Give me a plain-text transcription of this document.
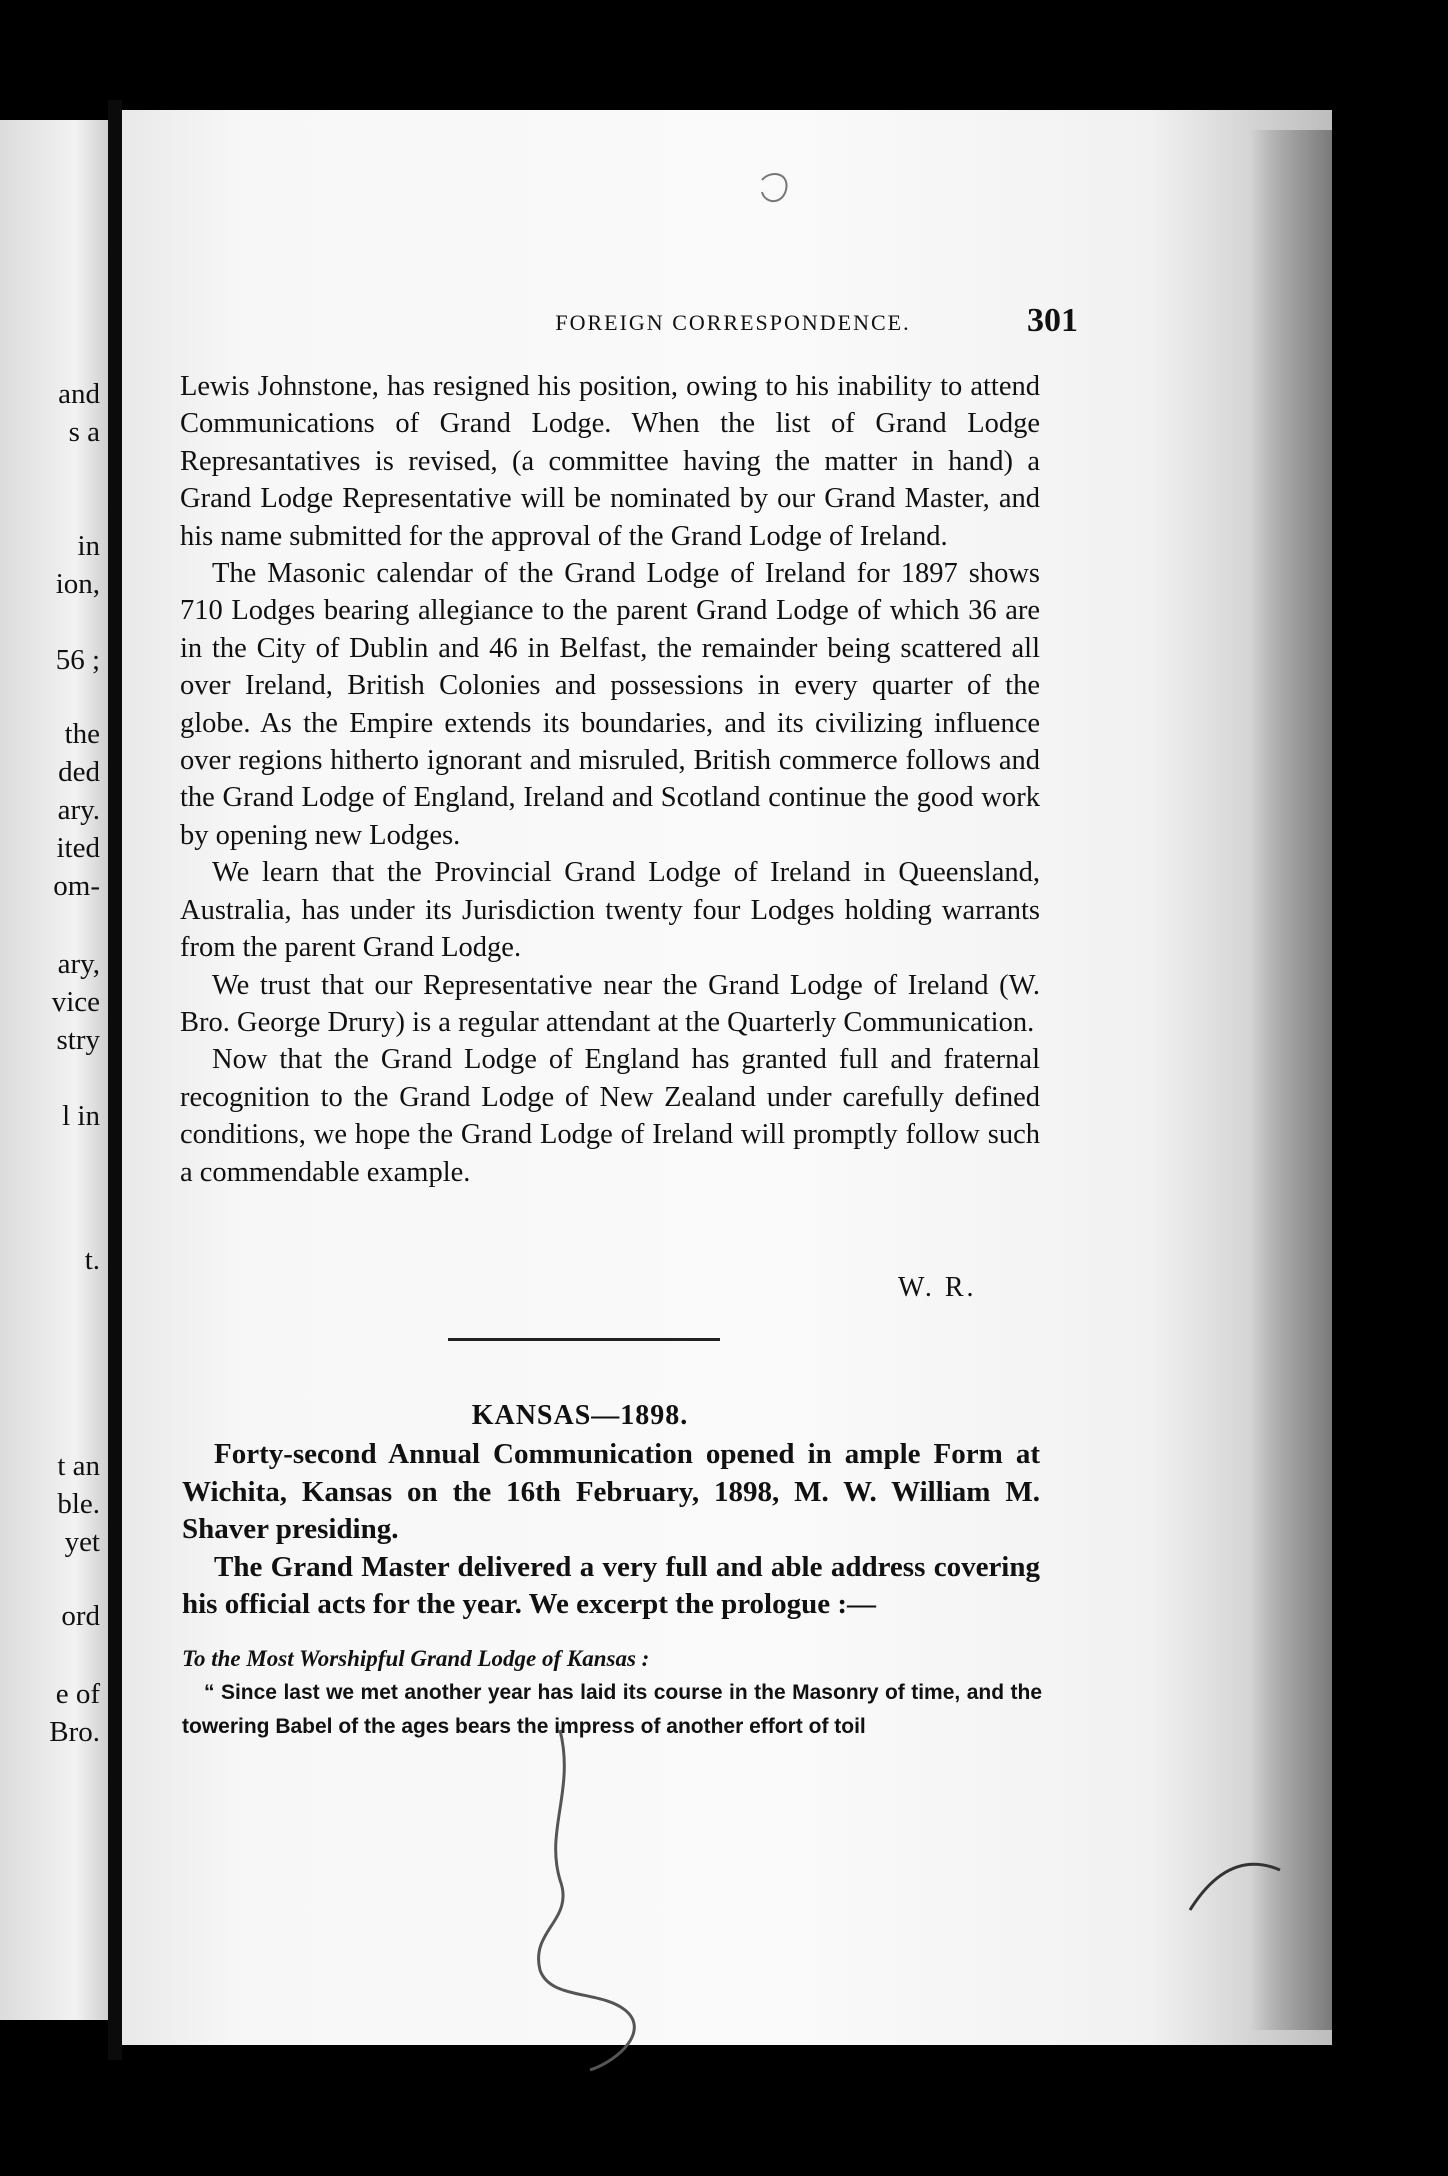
and
s a
in
ion,
56 ;
the
ded
ary.
ited
om-
ary,
vice
stry
l in
t.
t an
ble.
yet
ord
e of
Bro.
FOREIGN CORRESPONDENCE.	301

Lewis Johnstone, has resigned his position, owing to his inability to attend Communications of Grand Lodge. When the list of Grand Lodge Represantatives is revised, (a committee having the matter in hand) a Grand Lodge Representative will be nominated by our Grand Master, and his name submitted for the approval of the Grand Lodge of Ireland.

The Masonic calendar of the Grand Lodge of Ireland for 1897 shows 710 Lodges bearing allegiance to the parent Grand Lodge of which 36 are in the City of Dublin and 46 in Belfast, the remainder being scattered all over Ireland, British Colonies and possessions in every quarter of the globe. As the Empire extends its boundaries, and its civilizing influence over regions hitherto ignorant and misruled, British commerce follows and the Grand Lodge of England, Ireland and Scotland continue the good work by opening new Lodges.

We learn that the Provincial Grand Lodge of Ireland in Queensland, Australia, has under its Jurisdiction twenty four Lodges holding warrants from the parent Grand Lodge.

We trust that our Representative near the Grand Lodge of Ireland (W. Bro. George Drury) is a regular attendant at the Quarterly Communication.

Now that the Grand Lodge of England has granted full and fraternal recognition to the Grand Lodge of New Zealand under carefully defined conditions, we hope the Grand Lodge of Ireland will promptly follow such a commendable example.

W. R.
KANSAS—1898.

Forty-second Annual Communication opened in ample Form at Wichita, Kansas on the 16th February, 1898, M. W. William M. Shaver presiding.

The Grand Master delivered a very full and able address covering his official acts for the year. We excerpt the prologue :—

To the Most Worshipful Grand Lodge of Kansas :

“ Since last we met another year has laid its course in the Masonry of time, and the towering Babel of the ages bears the impress of another effort of toil
